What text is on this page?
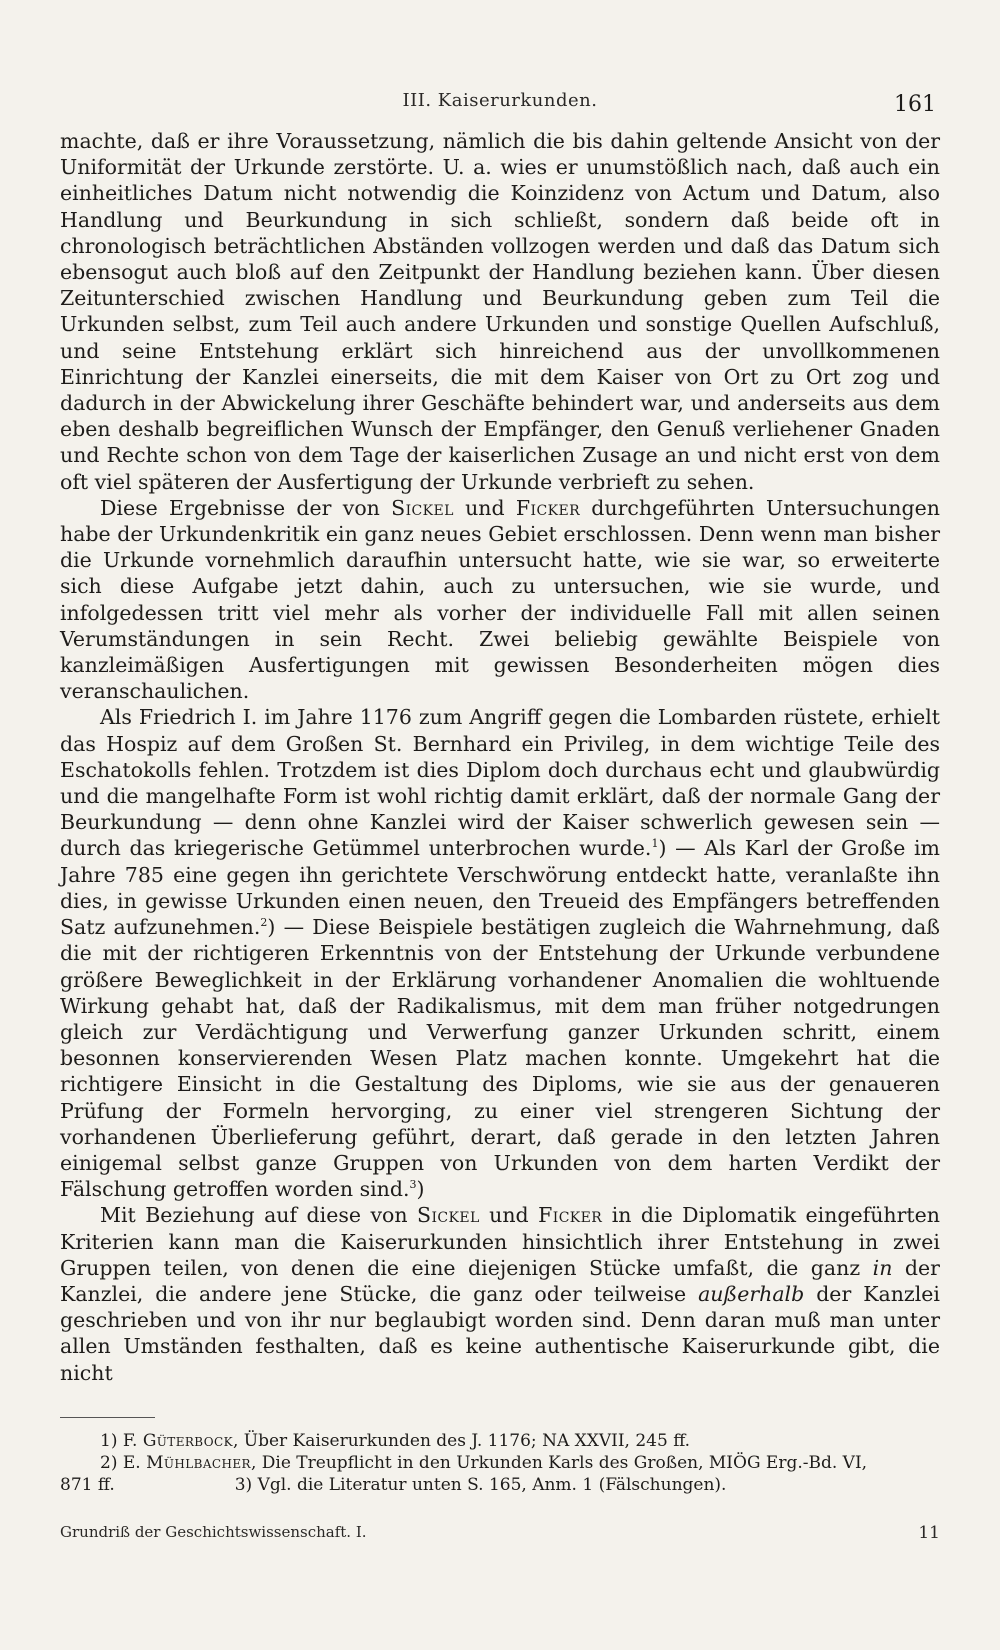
III. Kaiserurkunden.	161

machte, daß er ihre Voraussetzung, nämlich die bis dahin geltende Ansicht von der Uniformität der Urkunde zerstörte. U. a. wies er unumstößlich nach, daß auch ein einheitliches Datum nicht notwendig die Koinzidenz von Actum und Datum, also Handlung und Beurkundung in sich schließt, sondern daß beide oft in chronologisch beträchtlichen Abständen vollzogen werden und daß das Datum sich ebensogut auch bloß auf den Zeitpunkt der Handlung beziehen kann. Über diesen Zeitunterschied zwischen Handlung und Beurkundung geben zum Teil die Urkunden selbst, zum Teil auch andere Urkunden und sonstige Quellen Aufschluß, und seine Entstehung erklärt sich hinreichend aus der unvollkommenen Einrichtung der Kanzlei einerseits, die mit dem Kaiser von Ort zu Ort zog und dadurch in der Abwickelung ihrer Geschäfte behindert war, und anderseits aus dem eben deshalb begreiflichen Wunsch der Empfänger, den Genuß verliehener Gnaden und Rechte schon von dem Tage der kaiserlichen Zusage an und nicht erst von dem oft viel späteren der Ausfertigung der Urkunde verbrieft zu sehen.

Diese Ergebnisse der von Sickel und Ficker durchgeführten Untersuchungen habe der Urkundenkritik ein ganz neues Gebiet erschlossen. Denn wenn man bisher die Urkunde vornehmlich daraufhin untersucht hatte, wie sie war, so erweiterte sich diese Aufgabe jetzt dahin, auch zu untersuchen, wie sie wurde, und infolgedessen tritt viel mehr als vorher der individuelle Fall mit allen seinen Verumständungen in sein Recht. Zwei beliebig gewählte Beispiele von kanzleimäßigen Ausfertigungen mit gewissen Besonderheiten mögen dies veranschaulichen.

Als Friedrich I. im Jahre 1176 zum Angriff gegen die Lombarden rüstete, erhielt das Hospiz auf dem Großen St. Bernhard ein Privileg, in dem wichtige Teile des Eschatokolls fehlen. Trotzdem ist dies Diplom doch durchaus echt und glaubwürdig und die mangelhafte Form ist wohl richtig damit erklärt, daß der normale Gang der Beurkundung — denn ohne Kanzlei wird der Kaiser schwerlich gewesen sein — durch das kriegerische Getümmel unterbrochen wurde.$^1$) — Als Karl der Große im Jahre 785 eine gegen ihn gerichtete Verschwörung entdeckt hatte, veranlaßte ihn dies, in gewisse Urkunden einen neuen, den Treueid des Empfängers betreffenden Satz aufzunehmen.$^2$) — Diese Beispiele bestätigen zugleich die Wahrnehmung, daß die mit der richtigeren Erkenntnis von der Entstehung der Urkunde verbundene größere Beweglichkeit in der Erklärung vorhandener Anomalien die wohltuende Wirkung gehabt hat, daß der Radikalismus, mit dem man früher notgedrungen gleich zur Verdächtigung und Verwerfung ganzer Urkunden schritt, einem besonnen konservierenden Wesen Platz machen konnte. Umgekehrt hat die richtigere Einsicht in die Gestaltung des Diploms, wie sie aus der genaueren Prüfung der Formeln hervorging, zu einer viel strengeren Sichtung der vorhandenen Überlieferung geführt, derart, daß gerade in den letzten Jahren einigemal selbst ganze Gruppen von Urkunden von dem harten Verdikt der Fälschung getroffen worden sind.$^3$)

Mit Beziehung auf diese von Sickel und Ficker in die Diplomatik eingeführten Kriterien kann man die Kaiserurkunden hinsichtlich ihrer Entstehung in zwei Gruppen teilen, von denen die eine diejenigen Stücke umfaßt, die ganz in der Kanzlei, die andere jene Stücke, die ganz oder teilweise außerhalb der Kanzlei geschrieben und von ihr nur beglaubigt worden sind. Denn daran muß man unter allen Umständen festhalten, daß es keine authentische Kaiserurkunde gibt, die nicht

1) F. Güterbock, Über Kaiserurkunden des J. 1176; NA XXVII, 245 ff.

2) E. Mühlbacher, Die Treupflicht in den Urkunden Karls des Großen, MIÖG Erg.-Bd. VI,

871 ff.	3) Vgl. die Literatur unten S. 165, Anm. 1 (Fälschungen).

Grundriß der Geschichtswissenschaft. I.	11
